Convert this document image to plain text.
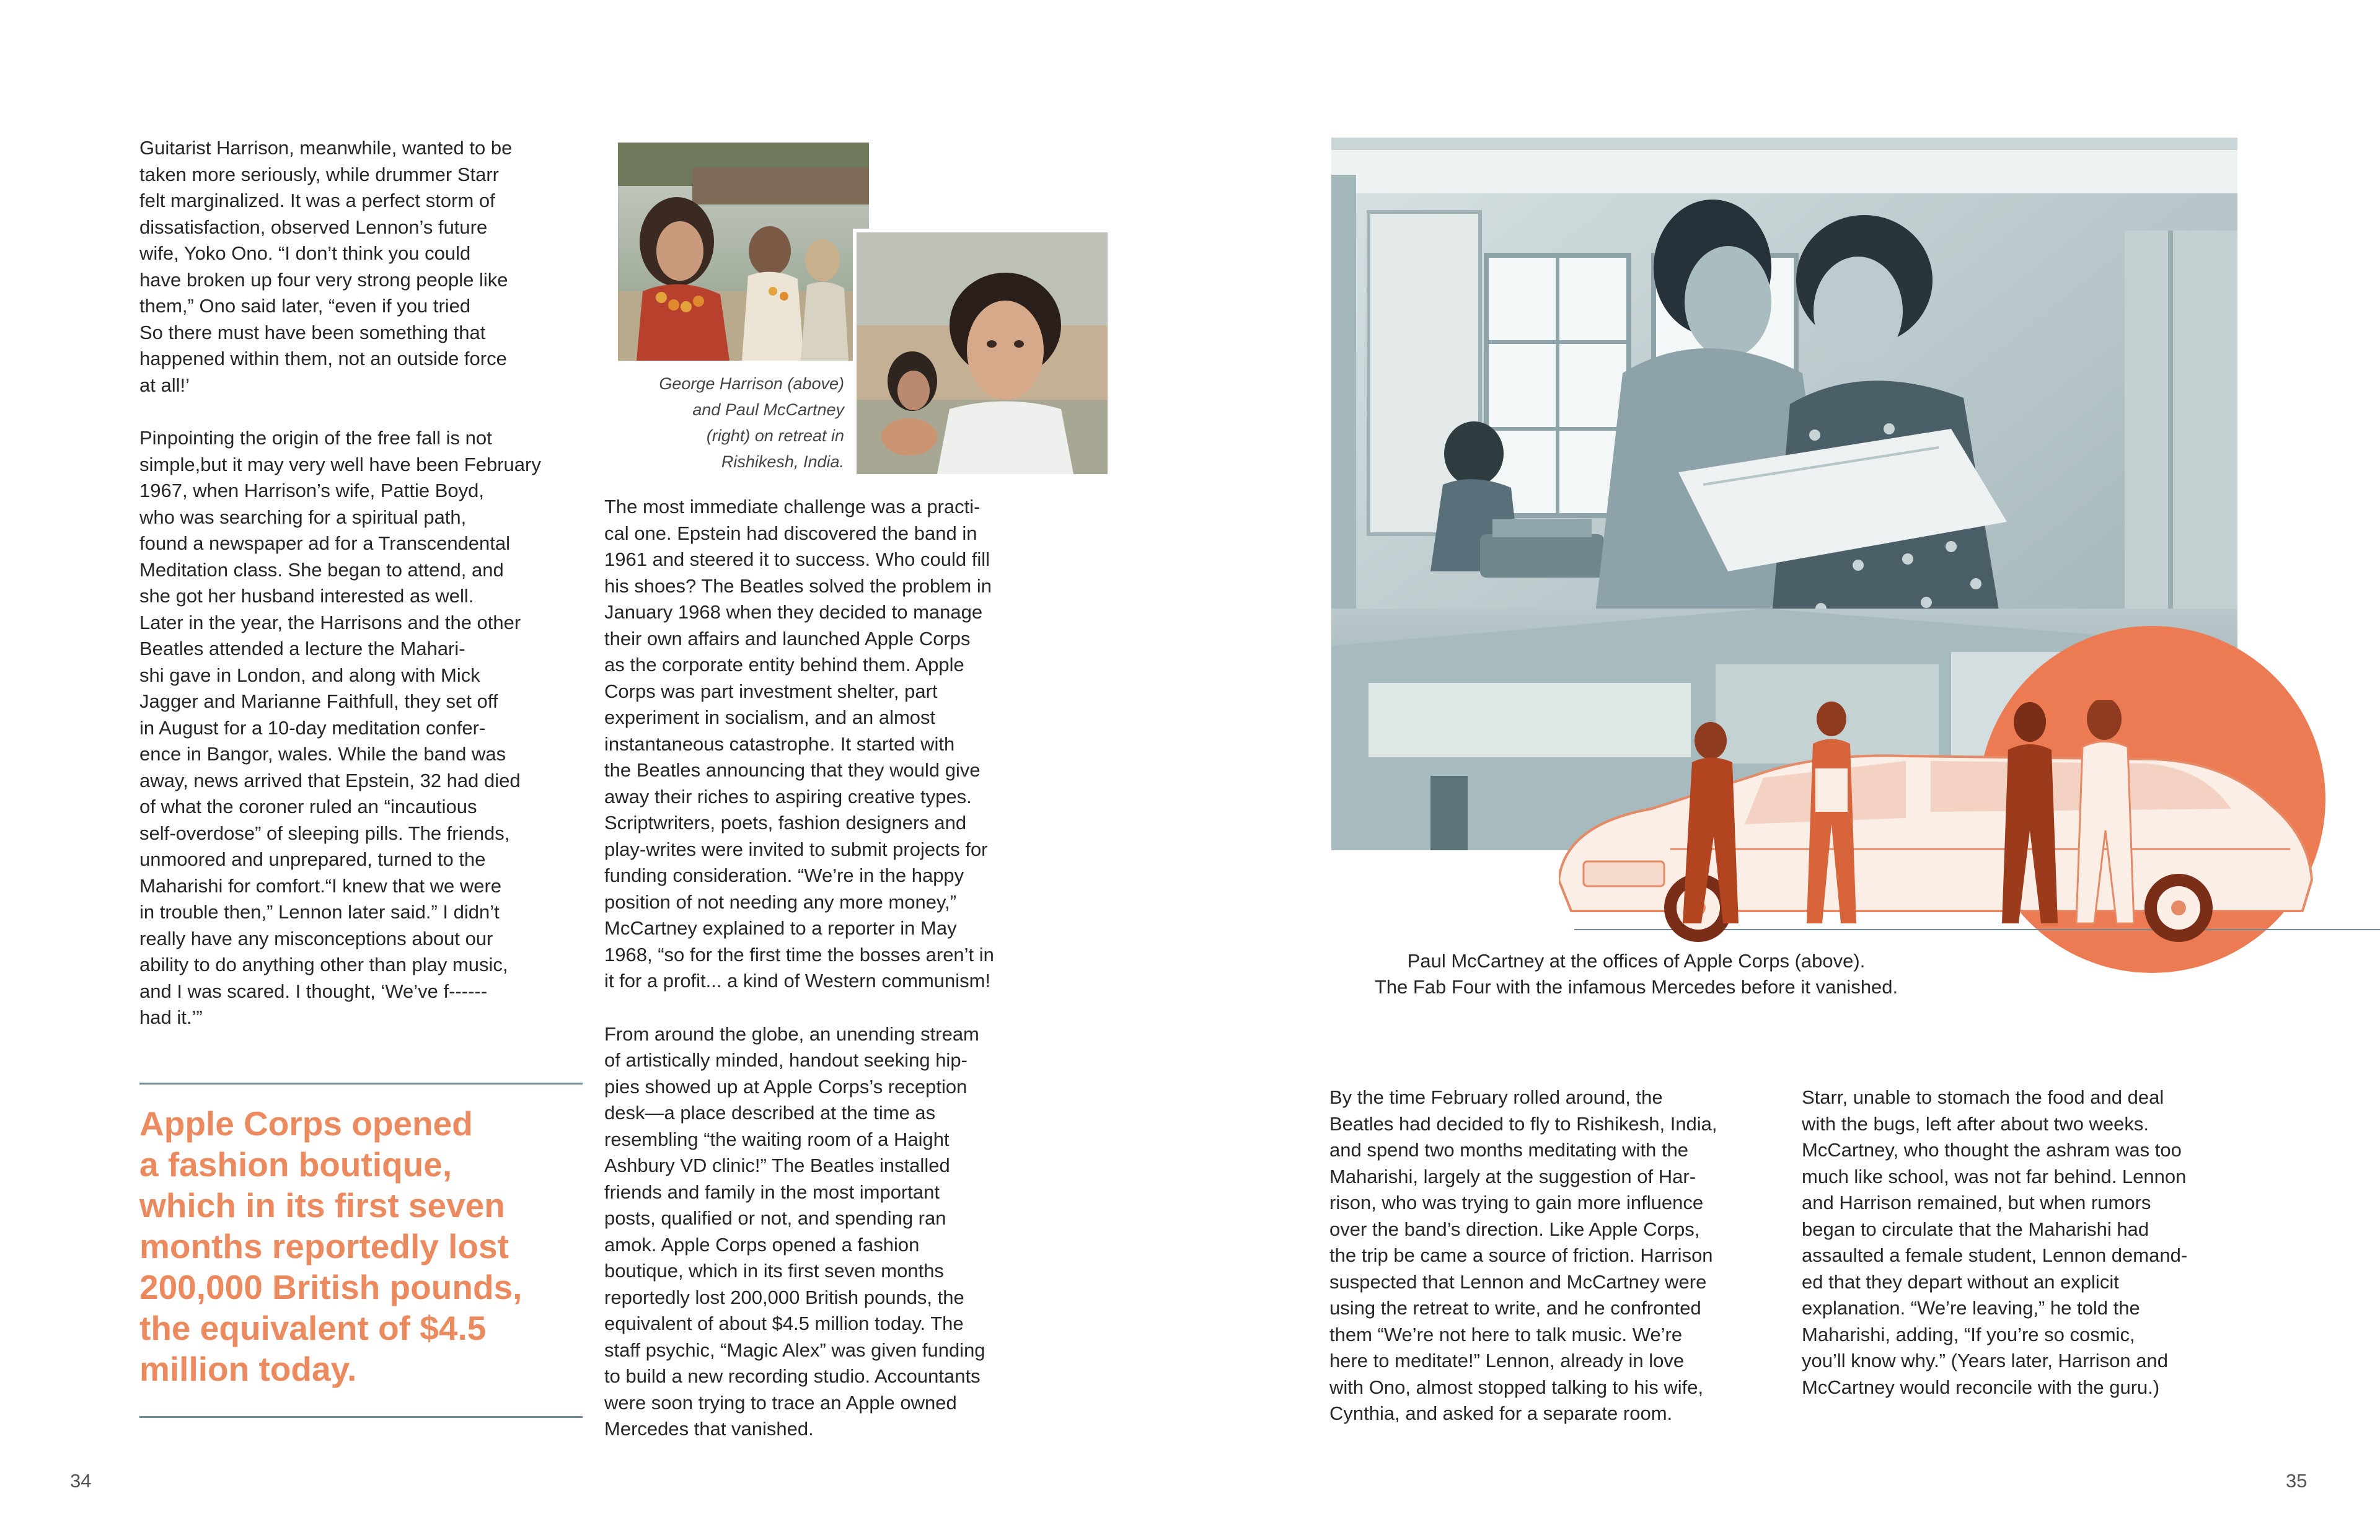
Guitarist Harrison, meanwhile, wanted to be
taken more seriously, while drummer Starr
felt marginalized. It was a perfect storm of
dissatisfaction, observed Lennon’s future
wife, Yoko Ono. “I don’t think you could
have broken up four very strong people like
them,” Ono said later, “even if you tried
So there must have been something that
happened within them, not an outside force
at all!’

Pinpointing the origin of the free fall is not
simple,but it may very well have been February
1967, when Harrison’s wife, Pattie Boyd,
who was searching for a spiritual path,
found a newspaper ad for a Transcendental
Meditation class. She began to attend, and
she got her husband interested as well.
Later in the year, the Harrisons and the other
Beatles attended a lecture the Mahari-
shi gave in London, and along with Mick
Jagger and Marianne Faithfull, they set off
in August for a 10-day meditation confer-
ence in Bangor, wales. While the band was
away, news arrived that Epstein, 32 had died
of what the coroner ruled an “incautious
self-overdose” of sleeping pills. The friends,
unmoored and unprepared, turned to the
Maharishi for comfort.“I knew that we were
in trouble then,” Lennon later said.” I didn’t
really have any misconceptions about our
ability to do anything other than play music,
and I was scared. I thought, ‘We’ve f------
had it.’”

Apple Corps opened
a fashion boutique,
which in its first seven
months reportedly lost
200,000 British pounds,
the equivalent of $4.5
million today.
George Harrison (above)
and Paul McCartney
(right) on retreat in
Rishikesh, India.

The most immediate challenge was a practi-
cal one. Epstein had discovered the band in
1961 and steered it to success. Who could fill
his shoes? The Beatles solved the problem in
January 1968 when they decided to manage
their own affairs and launched Apple Corps
as the corporate entity behind them. Apple
Corps was part investment shelter, part
experiment in socialism, and an almost
instantaneous catastrophe. It started with
the Beatles announcing that they would give
away their riches to aspiring creative types.
Scriptwriters, poets, fashion designers and
play-writes were invited to submit projects for
funding consideration. “We’re in the happy
position of not needing any more money,”
McCartney explained to a reporter in May
1968, “so for the first time the bosses aren’t in
it for a profit... a kind of Western communism!

From around the globe, an unending stream
of artistically minded, handout seeking hip-
pies showed up at Apple Corps’s reception
desk—a place described at the time as
resembling “the waiting room of a Haight
Ashbury VD clinic!” The Beatles installed
friends and family in the most important
posts, qualified or not, and spending ran
amok. Apple Corps opened a fashion
boutique, which in its first seven months
reportedly lost 200,000 British pounds, the
equivalent of about $4.5 million today. The
staff psychic, “Magic Alex” was given funding
to build a new recording studio. Accountants
were soon trying to trace an Apple owned
Mercedes that vanished.

34
Paul McCartney at the offices of Apple Corps (above).
The Fab Four with the infamous Mercedes before it vanished.

By the time February rolled around, the
Beatles had decided to fly to Rishikesh, India,
and spend two months meditating with the
Maharishi, largely at the suggestion of Har-
rison, who was trying to gain more influence
over the band’s direction. Like Apple Corps,
the trip be came a source of friction. Harrison
suspected that Lennon and McCartney were
using the retreat to write, and he confronted
them “We’re not here to talk music. We’re
here to meditate!” Lennon, already in love
with Ono, almost stopped talking to his wife,
Cynthia, and asked for a separate room.

Starr, unable to stomach the food and deal
with the bugs, left after about two weeks.
McCartney, who thought the ashram was too
much like school, was not far behind. Lennon
and Harrison remained, but when rumors
began to circulate that the Maharishi had
assaulted a female student, Lennon demand-
ed that they depart without an explicit
explanation. “We’re leaving,” he told the
Maharishi, adding, “If you’re so cosmic,
you’ll know why.” (Years later, Harrison and
McCartney would reconcile with the guru.)

35
